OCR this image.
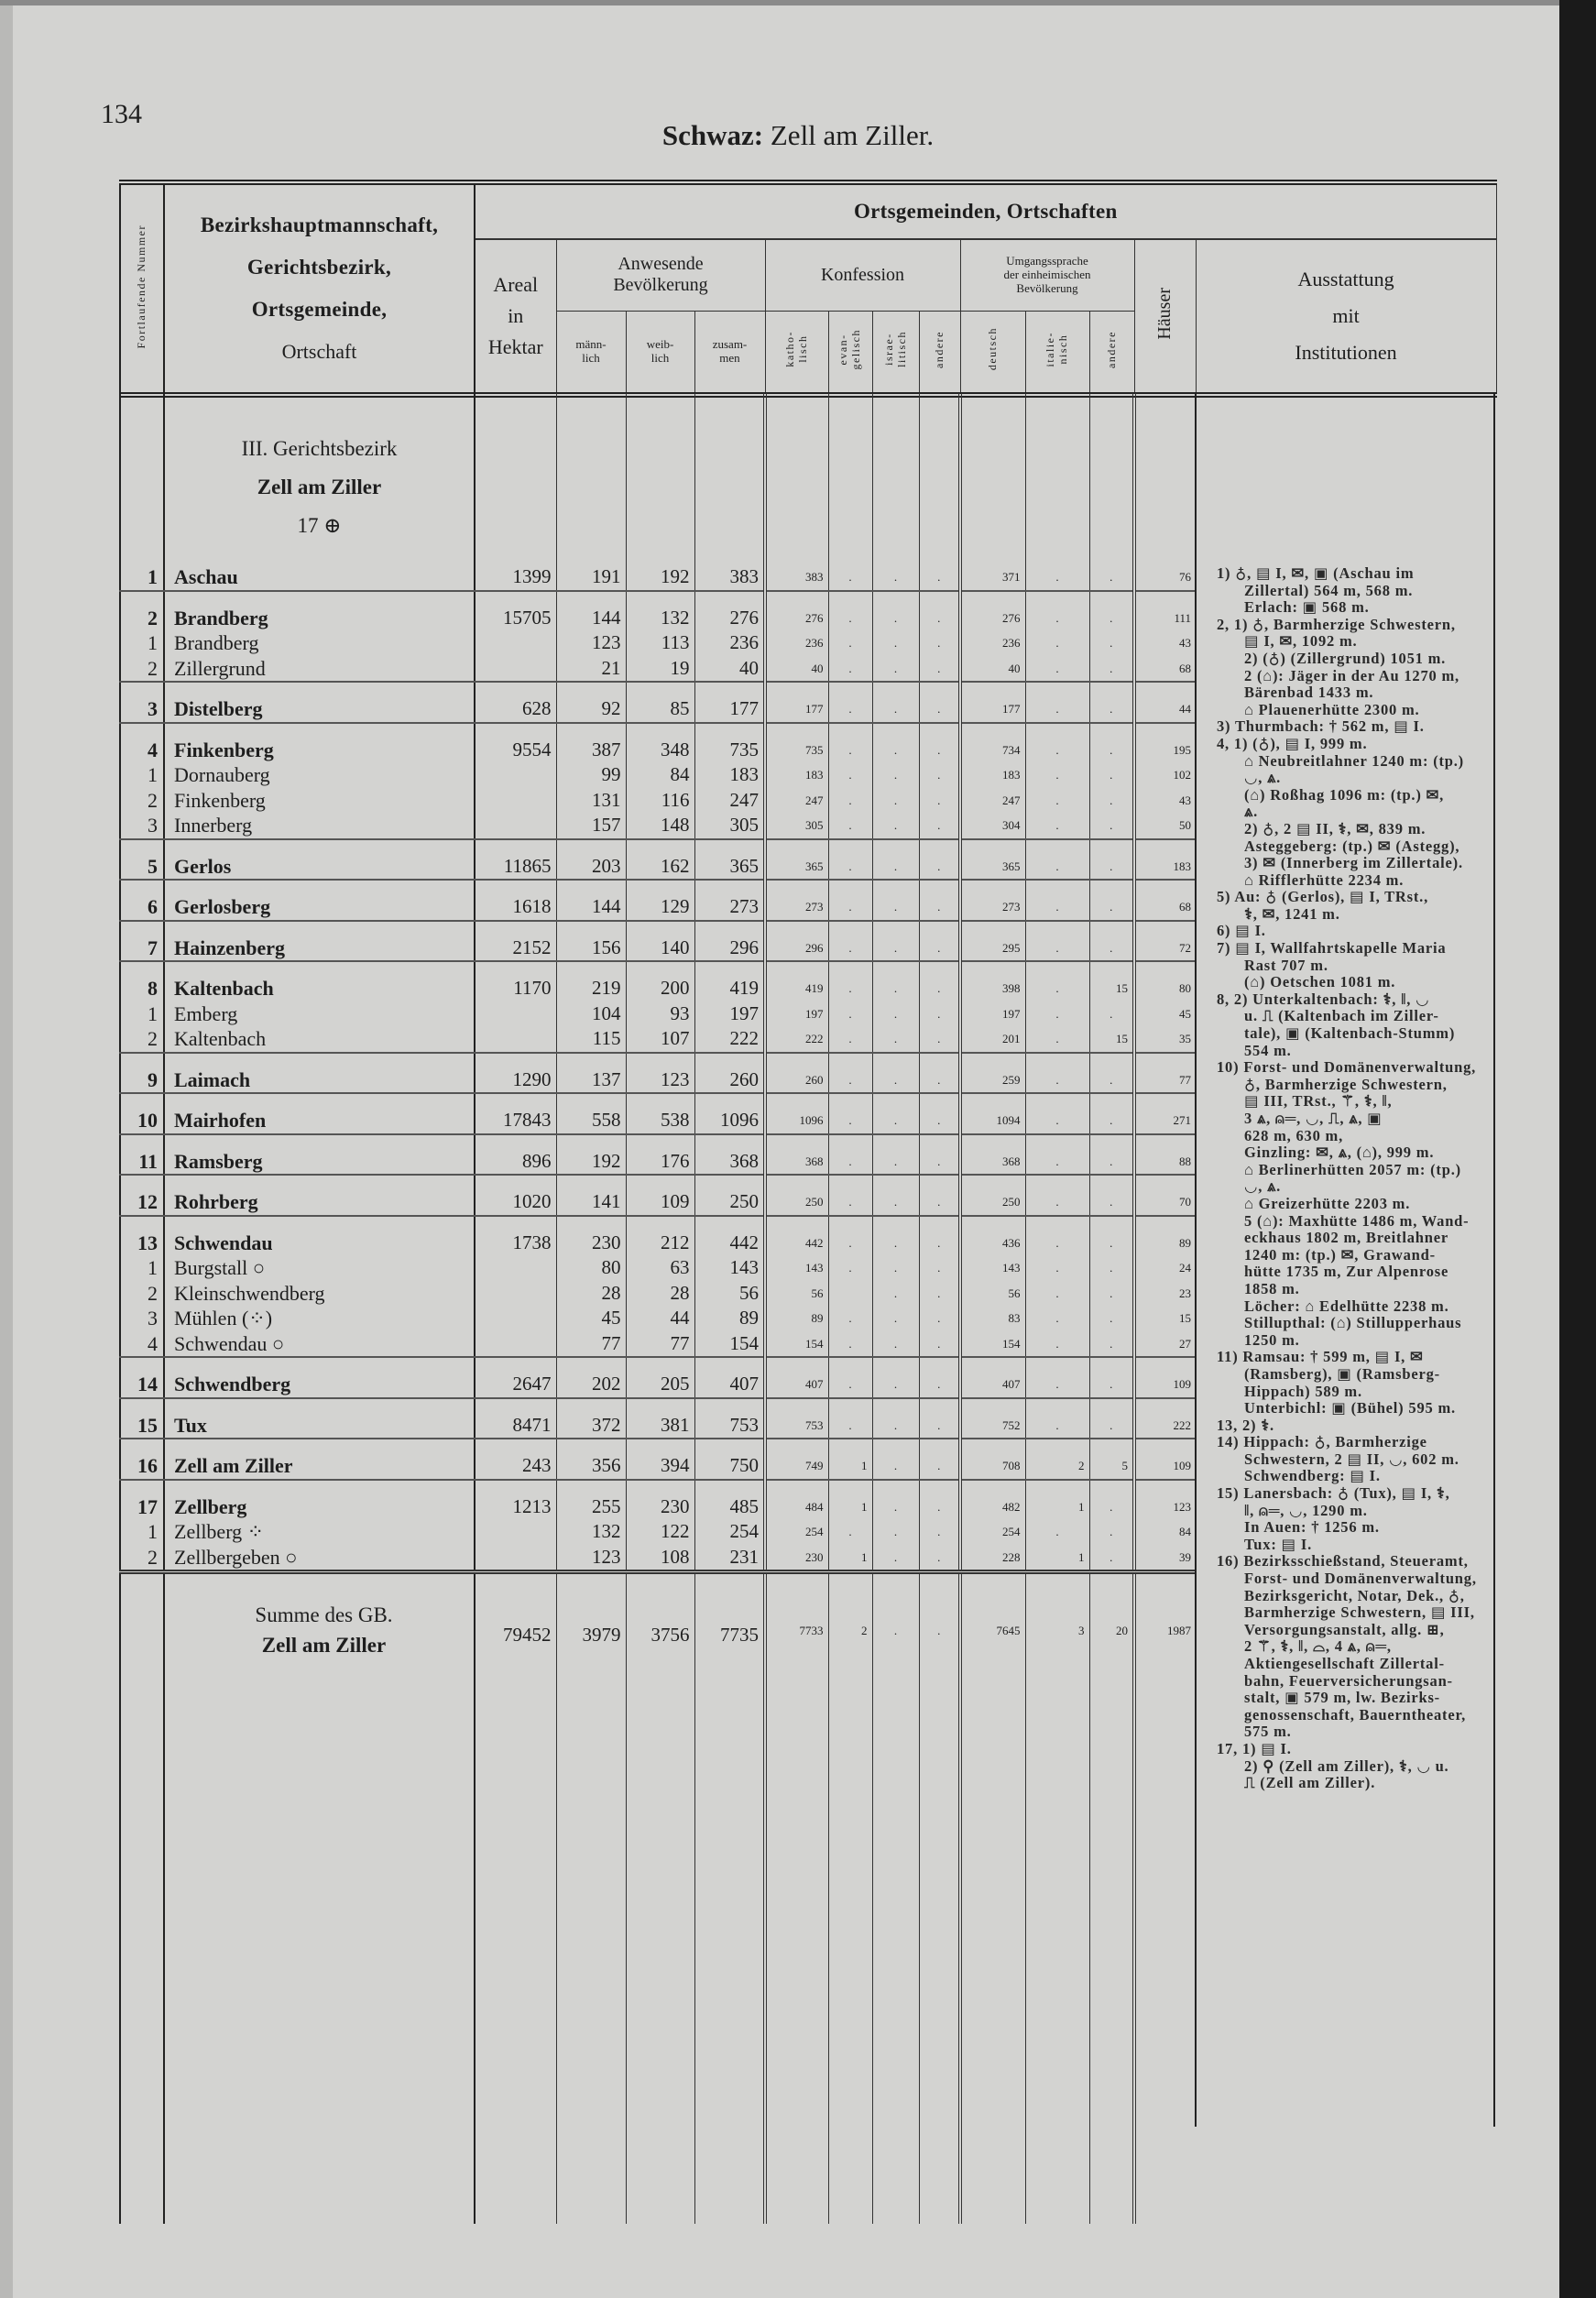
134
Schwaz: Zell am Ziller.
Fortlaufende Nummer	Bezirkshauptmannschaft,
Gerichtsbezirk,
Ortsgemeinde,
Ortschaft	Ortsgemeinden, Ortschaften												
		Areal
in
Hektar	Anwesende
Bevölkerung			Konfession				Umgangssprache
der einheimischen
Bevölkerung			Häuser	Ausstattung
mit
Institutionen
			männ-
lich	weib-
lich	zusam-
men	katho-
lisch	evan-
gelisch	israe-
litisch	andere	deutsch	italie-
nisch	andere		

	III. Gerichtsbezirk
Zell am Ziller
17 ⊕												

1	Aschau	1399	191	192	383	383	.	.	.	371	.	.	76
2	Brandberg	15705	144	132	276	276	.	.	.	276	.	.	111
1	Brandberg		123	113	236	236	.	.	.	236	.	.	43
2	Zillergrund		21	19	40	40	.	.	.	40	.	.	68
3	Distelberg	628	92	85	177	177	.	.	.	177	.	.	44
4	Finkenberg	9554	387	348	735	735	.	.	.	734	.	.	195
1	Dornauberg		99	84	183	183	.	.	.	183	.	.	102
2	Finkenberg		131	116	247	247	.	.	.	247	.	.	43
3	Innerberg		157	148	305	305	.	.	.	304	.	.	50
5	Gerlos	11865	203	162	365	365	.	.	.	365	.	.	183
6	Gerlosberg	1618	144	129	273	273	.	.	.	273	.	.	68
7	Hainzenberg	2152	156	140	296	296	.	.	.	295	.	.	72
8	Kaltenbach	1170	219	200	419	419	.	.	.	398	.	15	80
1	Emberg		104	93	197	197	.	.	.	197	.	.	45
2	Kaltenbach		115	107	222	222	.	.	.	201	.	15	35
9	Laimach	1290	137	123	260	260	.	.	.	259	.	.	77
10	Mairhofen	17843	558	538	1096	1096	.	.	.	1094	.	.	271
11	Ramsberg	896	192	176	368	368	.	.	.	368	.	.	88
12	Rohrberg	1020	141	109	250	250	.	.	.	250	.	.	70
13	Schwendau	1738	230	212	442	442	.	.	.	436	.	.	89
1	Burgstall ○		80	63	143	143	.	.	.	143	.	.	24
2	Kleinschwendberg		28	28	56	56		.	.	56	.	.	23
3	Mühlen (⁘)		45	44	89	89	.	.	.	83	.	.	15
4	Schwendau ○		77	77	154	154	.	.	.	154	.	.	27
14	Schwendberg	2647	202	205	407	407	.	.	.	407	.	.	109
15	Tux	8471	372	381	753	753	.	.	.	752	.	.	222
16	Zell am Ziller	243	356	394	750	749	1	.	.	708	2	5	109
17	Zellberg	1213	255	230	485	484	1	.	.	482	1	.	123
1	Zellberg ⁘		132	122	254	254	.	.	.	254	.	.	84
2	Zellbergeben ○		123	108	231	230	1	.	.	228	1	.	39

	Summe des GB.
Zell am Ziller	79452	3979	3756	7735	7733	2	.	.	7645	3	20	1987

1) ♁, ▤ I, ✉, ▣ (Aschau im
Zillertal) 564 m, 568 m.
Erlach: ▣ 568 m.
2, 1) ♁, Barmherzige Schwestern,
▤ I, ✉, 1092 m.
2) (♁) (Zillergrund) 1051 m.
2 (⌂): Jäger in der Au 1270 m,
Bärenbad 1433 m.
⌂ Plauenerhütte 2300 m.
3) Thurmbach: † 562 m, ▤ I.
4, 1) (♁), ▤ I, 999 m.
⌂ Neubreitlahner 1240 m: (tp.)
◡, ⩓.
(⌂) Roßhag 1096 m: (tp.) ✉,
⩓.
2) ♁, 2 ▤ II, ⚕, ✉, 839 m.
Asteggeberg: (tp.) ✉ (Astegg),
3) ✉ (Innerberg im Zillertale).
⌂ Rifflerhütte 2234 m.
5) Au: ♁ (Gerlos), ▤ I, TRst.,
⚕, ✉, 1241 m.
6) ▤ I.
7) ▤ I, Wallfahrtskapelle Maria
Rast 707 m.
(⌂) Oetschen 1081 m.
8, 2) Unterkaltenbach: ⚕, ‖, ◡
u. ⎍ (Kaltenbach im Ziller-
tale), ▣ (Kaltenbach-Stumm)
554 m.
10) Forst- und Domänenverwaltung,
♁, Barmherzige Schwestern,
▤ III, TRst., ⚚, ⚕, ‖,
3 ⩓, ⍝═, ◡, ⎍, ⩓, ▣
628 m, 630 m,
Ginzling: ✉, ⩓, (⌂), 999 m.
⌂ Berlinerhütten 2057 m: (tp.)
◡, ⩓.
⌂ Greizerhütte 2203 m.
5 (⌂): Maxhütte 1486 m, Wand-
eckhaus 1802 m, Breitlahner
1240 m: (tp.) ✉, Grawand-
hütte 1735 m, Zur Alpenrose
1858 m.
Löcher: ⌂ Edelhütte 2238 m.
Stillupthal: (⌂) Stillupperhaus
1250 m.
11) Ramsau: † 599 m, ▤ I, ✉
(Ramsberg), ▣ (Ramsberg-
Hippach) 589 m.
Unterbichl: ▣ (Bühel) 595 m.
13, 2) ⚕.
14) Hippach: ♁, Barmherzige
Schwestern, 2 ▤ II, ◡, 602 m.
Schwendberg: ▤ I.
15) Lanersbach: ♁ (Tux), ▤ I, ⚕,
‖, ⍝═, ◡, 1290 m.
In Auen: † 1256 m.
Tux: ▤ I.
16) Bezirksschießstand, Steueramt,
Forst- und Domänenverwaltung,
Bezirksgericht, Notar, Dek., ♁,
Barmherzige Schwestern, ▤ III,
Versorgungsanstalt, allg. ⊞,
2 ⚚, ⚕, ‖, ⌓, 4 ⩓, ⍝═,
Aktiengesellschaft Zillertal-
bahn, Feuerversicherungsan-
stalt, ▣ 579 m, lw. Bezirks-
genossenschaft, Bauerntheater,
575 m.
17, 1) ▤ I.
2) ⚲ (Zell am Ziller), ⚕, ◡ u.
⎍ (Zell am Ziller).
